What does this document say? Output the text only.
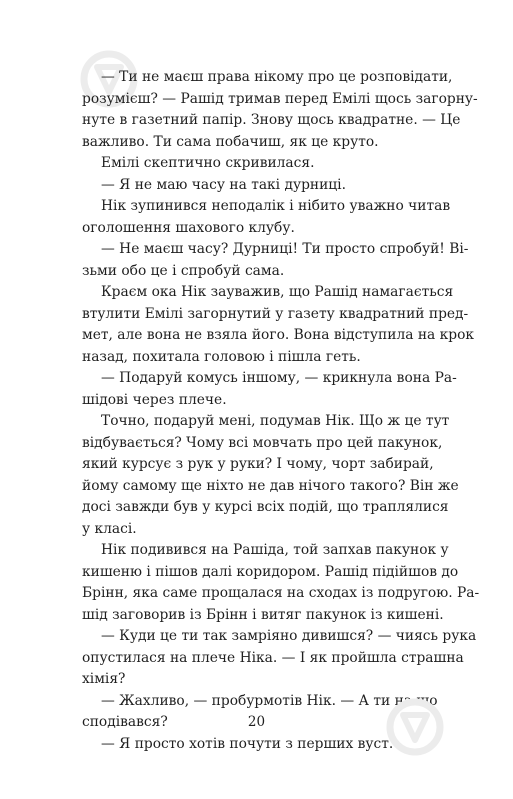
— Ти не маєш права нікому про це розповідати,
розумієш? — Рашід тримав перед Емілі щось загорну-
нуте в газетний папір. Знову щось квадратне. — Це
важливо. Ти сама побачиш, як це круто.
Емілі скептично скривилася.
— Я не маю часу на такі дурниці.
Нік зупинився неподалік і нібито уважно читав
оголошення шахового клубу.
— Не маєш часу? Дурниці! Ти просто спробуй! Ві-
зьми обо це і спробуй сама.
Краєм ока Нік зауважив, що Рашід намагається
втулити Емілі загорнутий у газету квадратний пред-
мет, але вона не взяла його. Вона відступила на крок
назад, похитала головою і пішла геть.
— Подаруй комусь іншому, — крикнула вона Ра-
шідові через плече.
Точно, подаруй мені, подумав Нік. Що ж це тут
відбувається? Чому всі мовчать про цей пакунок,
який курсує з рук у руки? І чому, чорт забирай,
йому самому ще ніхто не дав нічого такого? Він же
досі завжди був у курсі всіх подій, що траплялися
у класі.
Нік подивився на Рашіда, той запхав пакунок у
кишеню і пішов далі коридором. Рашід підійшов до
Брінн, яка саме прощалася на сходах із подругою. Ра-
шід заговорив із Брінн і витяг пакунок із кишені.
— Куди це ти так замріяно дивишся? — чиясь рука
опустилася на плече Ніка. — І як пройшла страшна
хімія?
— Жахливо, — пробурмотів Нік. — А ти на що
сподівався?
— Я просто хотів почути з перших вуст.
20
